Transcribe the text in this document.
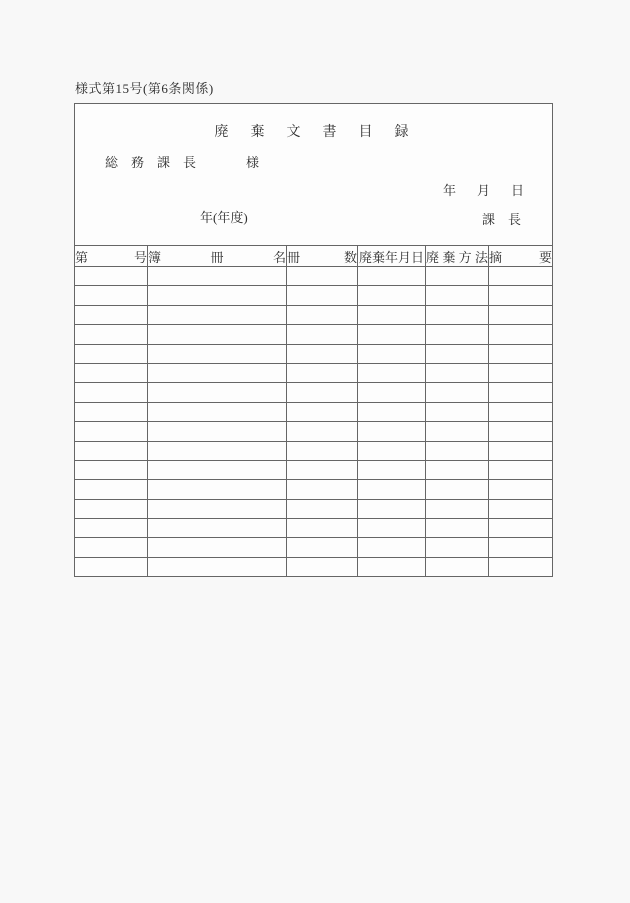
様式第15号(第6条関係)
廃　棄　文　書　目　録
総　務　課　長 様
年　月　日
年(年度) 課　長					

第 号	簿 冊 名	冊 数	廃棄年月日	廃 棄 方 法	摘 要
